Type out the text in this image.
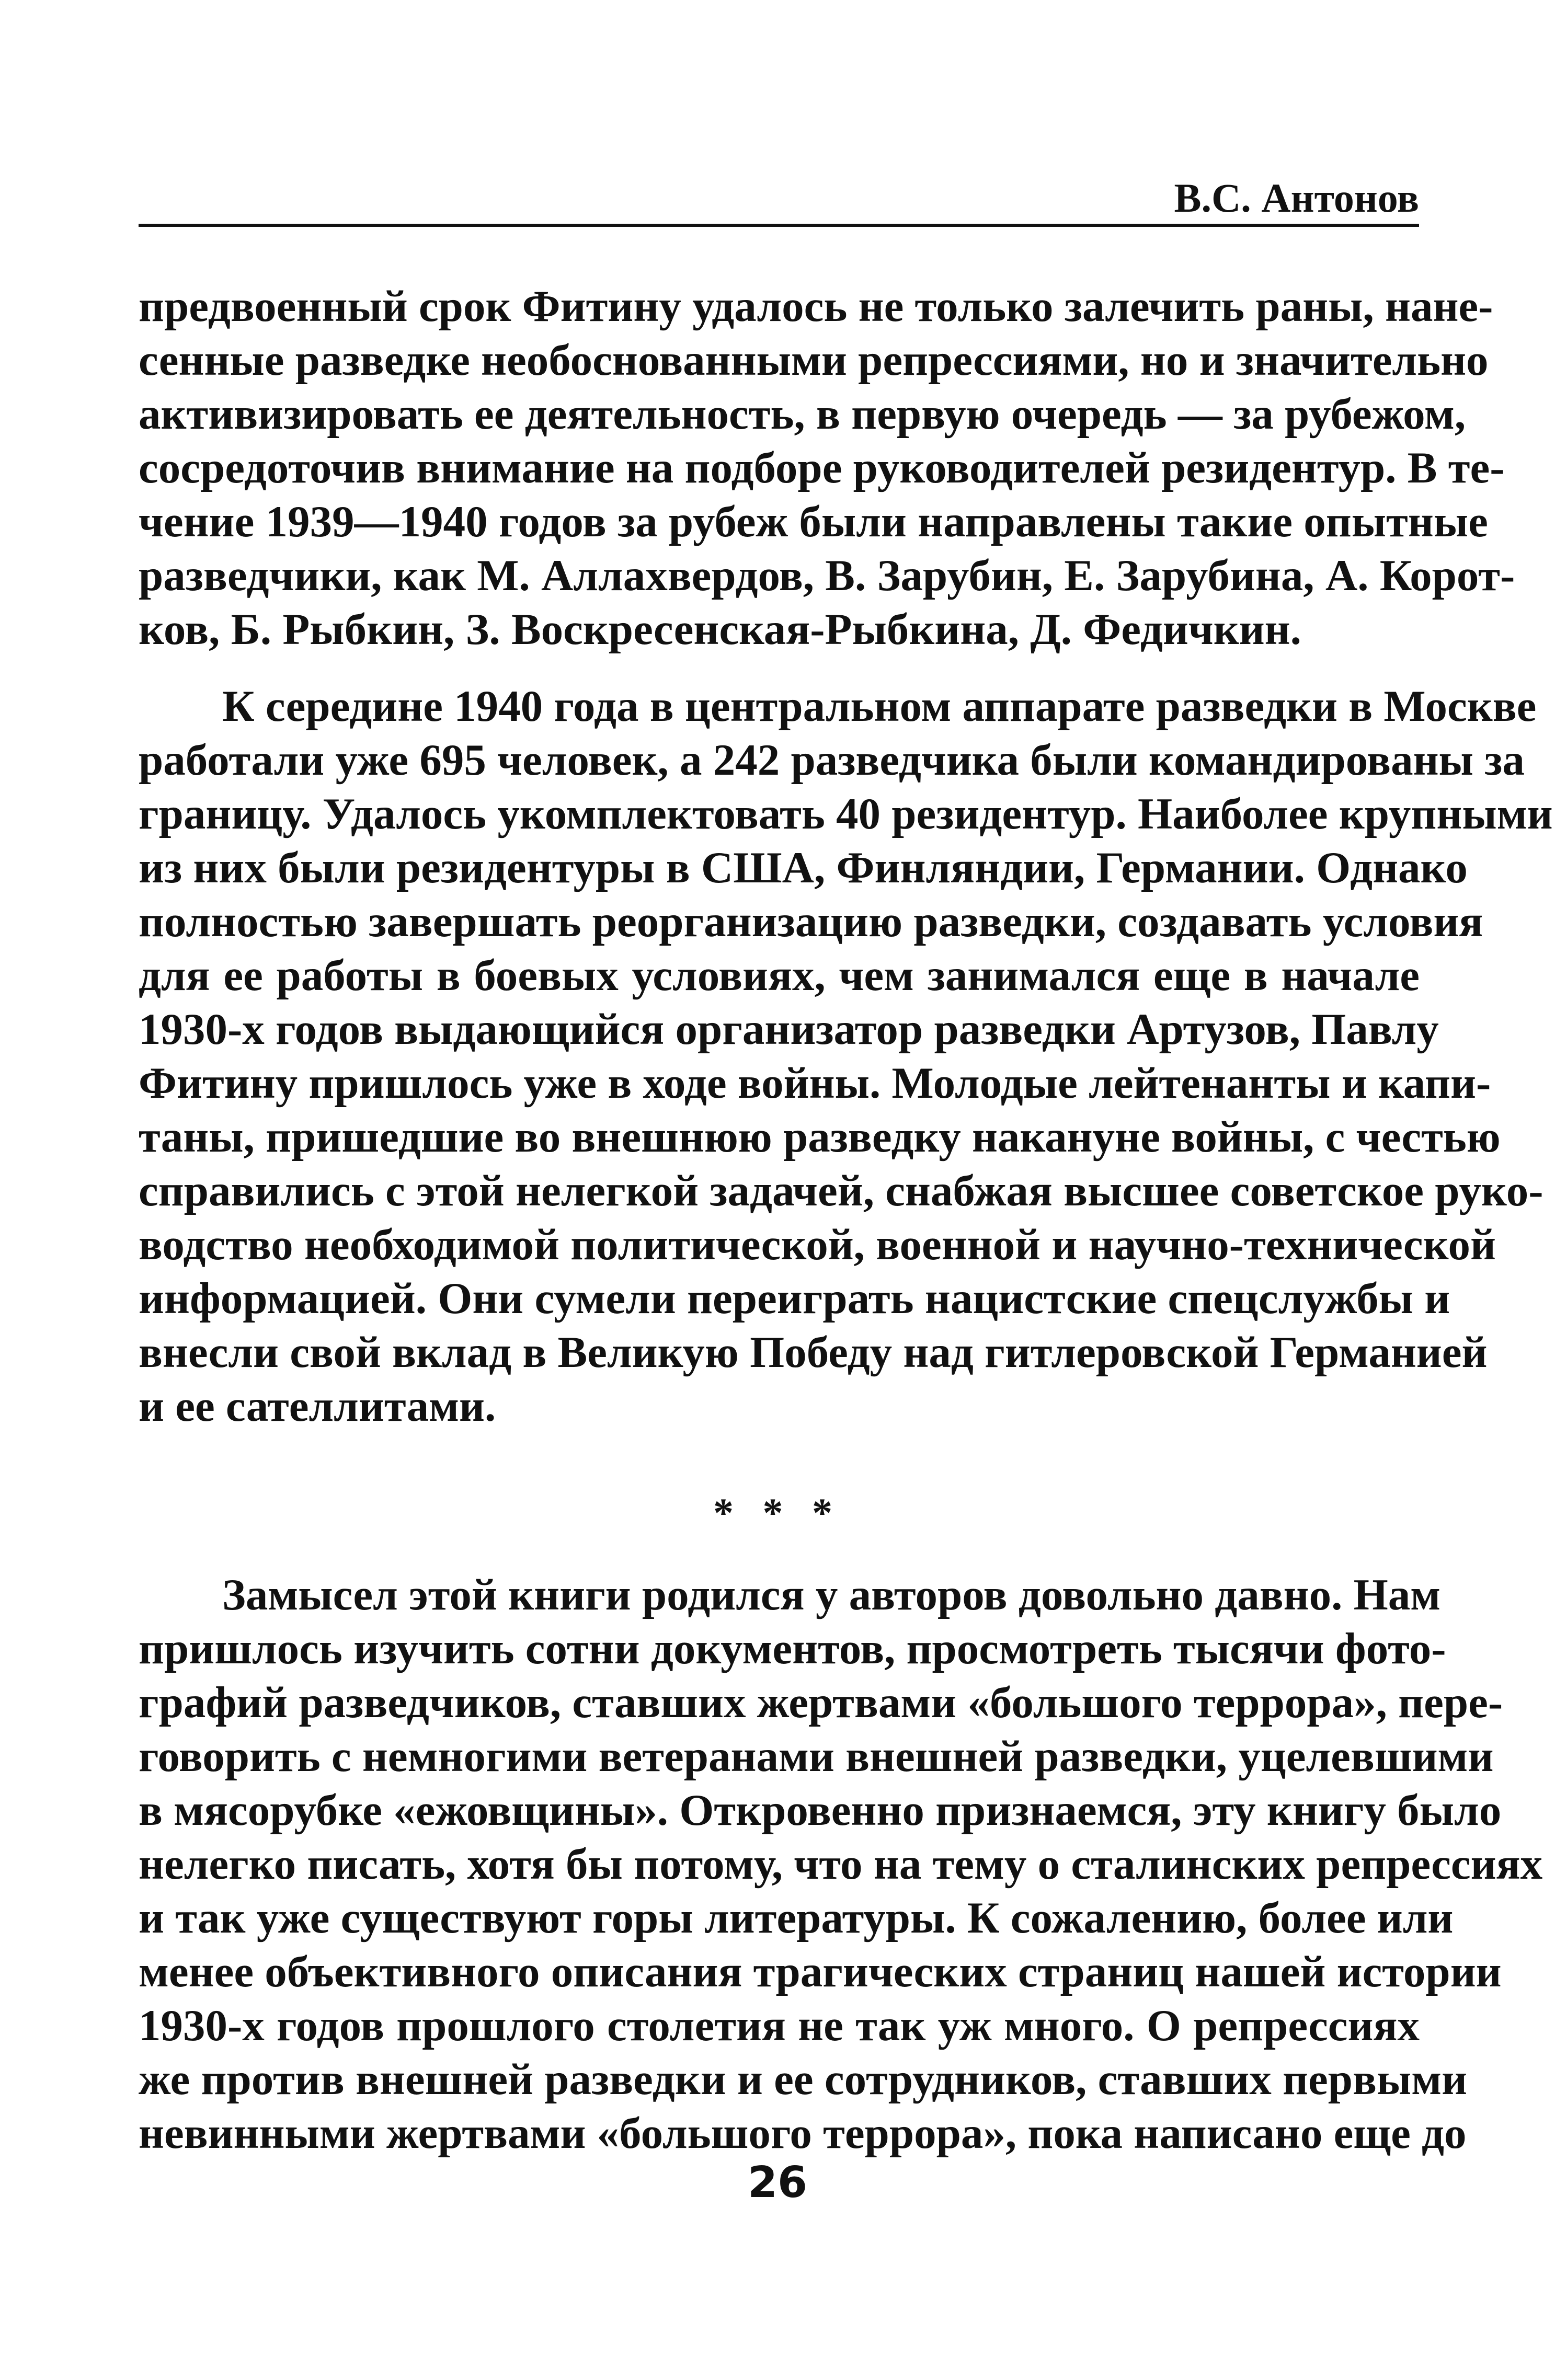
В.С. Антонов
предвоенный срок Фитину удалось не только залечить раны, нане-
сенные разведке необоснованными репрессиями, но и значительно
активизировать ее деятельность, в первую очередь — за рубежом,
сосредоточив внимание на подборе руководителей резидентур. В те-
чение 1939—1940 годов за рубеж были направлены такие опытные
разведчики, как М. Аллахвердов, В. Зарубин, Е. Зарубина, А. Корот-
ков, Б. Рыбкин, З. Воскресенская-Рыбкина, Д. Федичкин.
К середине 1940 года в центральном аппарате разведки в Москве
работали уже 695 человек, а 242 разведчика были командированы за
границу. Удалось укомплектовать 40 резидентур. Наиболее крупными
из них были резидентуры в США, Финляндии, Германии. Однако
полностью завершать реорганизацию разведки, создавать условия
для ее работы в боевых условиях, чем занимался еще в начале
1930-х годов выдающийся организатор разведки Артузов, Павлу
Фитину пришлось уже в ходе войны. Молодые лейтенанты и капи-
таны, пришедшие во внешнюю разведку накануне войны, с честью
справились с этой нелегкой задачей, снабжая высшее советское руко-
водство необходимой политической, военной и научно-технической
информацией. Они сумели переиграть нацистские спецслужбы и
внесли свой вклад в Великую Победу над гитлеровской Германией
и ее сателлитами.
* * *
Замысел этой книги родился у авторов довольно давно. Нам
пришлось изучить сотни документов, просмотреть тысячи фото-
графий разведчиков, ставших жертвами «большого террора», пере-
говорить с немногими ветеранами внешней разведки, уцелевшими
в мясорубке «ежовщины». Откровенно признаемся, эту книгу было
нелегко писать, хотя бы потому, что на тему о сталинских репрессиях
и так уже существуют горы литературы. К сожалению, более или
менее объективного описания трагических страниц нашей истории
1930-х годов прошлого столетия не так уж много. О репрессиях
же против внешней разведки и ее сотрудников, ставших первыми
невинными жертвами «большого террора», пока написано еще до
26
